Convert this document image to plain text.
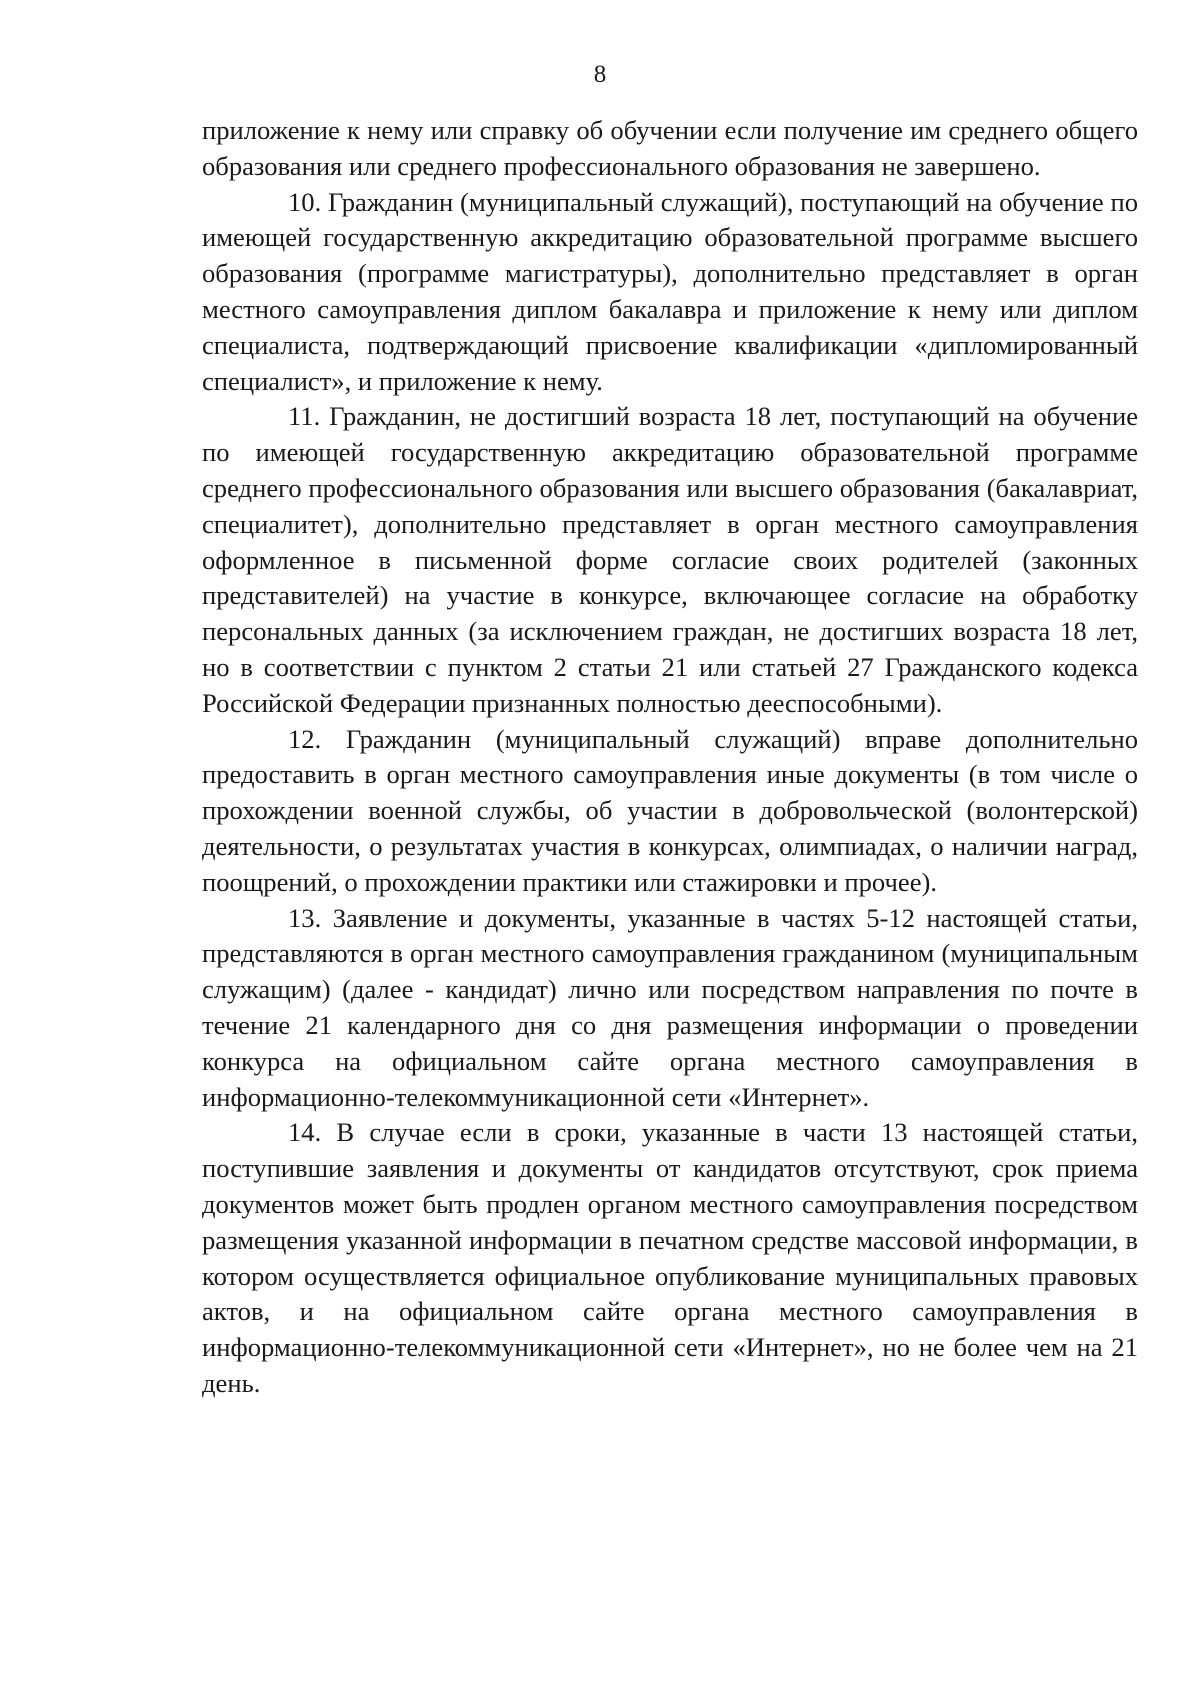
8

приложение к нему или справку об обучении если получение им среднего общего образования или среднего профессионального образования не завершено.

10. Гражданин (муниципальный служащий), поступающий на обучение по имеющей государственную аккредитацию образовательной программе высшего образования (программе магистратуры), дополнительно представляет в орган местного самоуправления диплом бакалавра и приложение к нему или диплом специалиста, подтверждающий присвоение квалификации «дипломированный специалист», и приложение к нему.

11. Гражданин, не достигший возраста 18 лет, поступающий на обучение по имеющей государственную аккредитацию образовательной программе среднего профессионального образования или высшего образования (бакалавриат, специалитет), дополнительно представляет в орган местного самоуправления оформленное в письменной форме согласие своих родителей (законных представителей) на участие в конкурсе, включающее согласие на обработку персональных данных (за исключением граждан, не достигших возраста 18 лет, но в соответствии с пунктом 2 статьи 21 или статьей 27 Гражданского кодекса Российской Федерации признанных полностью дееспособными).

12. Гражданин (муниципальный служащий) вправе дополнительно предоставить в орган местного самоуправления иные документы (в том числе о прохождении военной службы, об участии в добровольческой (волонтерской) деятельности, о результатах участия в конкурсах, олимпиадах, о наличии наград, поощрений, о прохождении практики или стажировки и прочее).

13. Заявление и документы, указанные в частях 5-12 настоящей статьи, представляются в орган местного самоуправления гражданином (муниципальным служащим) (далее - кандидат) лично или посредством направления по почте в течение 21 календарного дня со дня размещения информации о проведении конкурса на официальном сайте органа местного самоуправления в информационно-телекоммуникационной сети «Интернет».

14. В случае если в сроки, указанные в части 13 настоящей статьи, поступившие заявления и документы от кандидатов отсутствуют, срок приема документов может быть продлен органом местного самоуправления посредством размещения указанной информации в печатном средстве массовой информации, в котором осуществляется официальное опубликование муниципальных правовых актов, и на официальном сайте органа местного самоуправления в информационно-телекоммуникационной сети «Интернет», но не более чем на 21 день.
